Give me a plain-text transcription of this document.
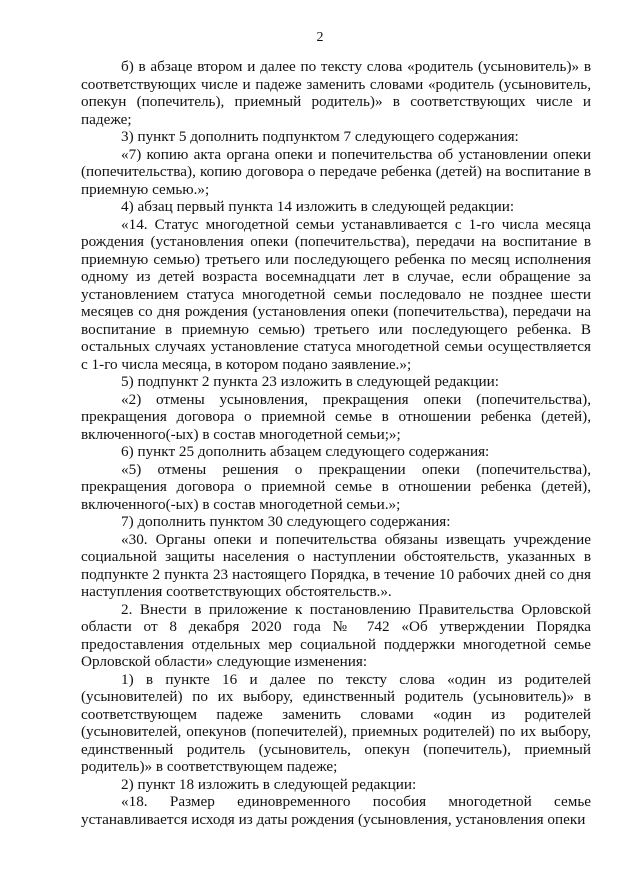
2

б) в абзаце втором и далее по тексту слова «родитель (усыновитель)» в соответствующих числе и падеже заменить словами «родитель (усыновитель, опекун (попечитель), приемный родитель)» в соответствующих числе и падеже;

3) пункт 5 дополнить подпунктом 7 следующего содержания:

«7) копию акта органа опеки и попечительства об установлении опеки (попечительства), копию договора о передаче ребенка (детей) на воспитание в приемную семью.»;

4) абзац первый пункта 14 изложить в следующей редакции:

«14. Статус многодетной семьи устанавливается с 1-го числа месяца рождения (установления опеки (попечительства), передачи на воспитание в приемную семью) третьего или последующего ребенка по месяц исполнения одному из детей возраста восемнадцати лет в случае, если обращение за установлением статуса многодетной семьи последовало не позднее шести месяцев со дня рождения (установления опеки (попечительства), передачи на воспитание в приемную семью) третьего или последующего ребенка. В остальных случаях установление статуса многодетной семьи осуществляется с 1-го числа месяца, в котором подано заявление.»;

5) подпункт 2 пункта 23 изложить в следующей редакции:

«2) отмены усыновления, прекращения опеки (попечительства), прекращения договора о приемной семье в отношении ребенка (детей), включенного(-ых) в состав многодетной семьи;»;

6) пункт 25 дополнить абзацем следующего содержания:

«5) отмены решения о прекращении опеки (попечительства), прекращения договора о приемной семье в отношении ребенка (детей), включенного(-ых) в состав многодетной семьи.»;

7) дополнить пунктом 30 следующего содержания:

«30. Органы опеки и попечительства обязаны извещать учреждение социальной защиты населения о наступлении обстоятельств, указанных в подпункте 2 пункта 23 настоящего Порядка, в течение 10 рабочих дней со дня наступления соответствующих обстоятельств.».

2. Внести в приложение к постановлению Правительства Орловской области от 8 декабря 2020 года № 742 «Об утверждении Порядка предоставления отдельных мер социальной поддержки многодетной семье Орловской области» следующие изменения:

1) в пункте 16 и далее по тексту слова «один из родителей (усыновителей) по их выбору, единственный родитель (усыновитель)» в соответствующем падеже заменить словами «один из родителей (усыновителей, опекунов (попечителей), приемных родителей) по их выбору, единственный родитель (усыновитель, опекун (попечитель), приемный родитель)» в соответствующем падеже;

2) пункт 18 изложить в следующей редакции:

«18. Размер единовременного пособия многодетной семье устанавливается исходя из даты рождения (усыновления, установления опеки
